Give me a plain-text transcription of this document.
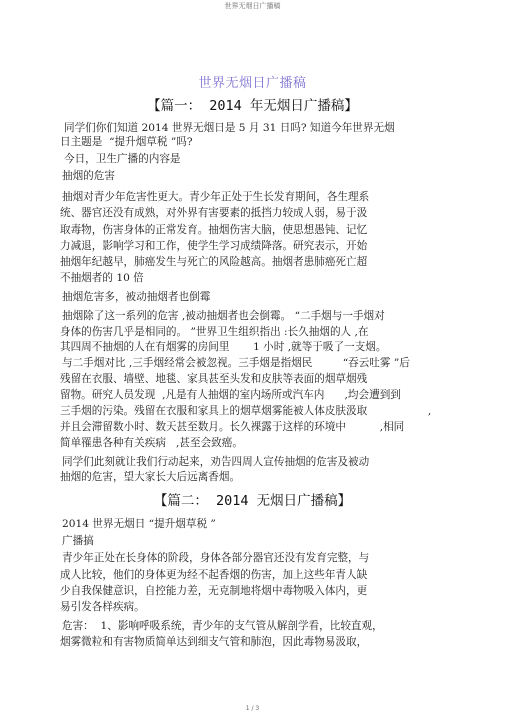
世界无烟日广播稿
世界无烟日广播稿
【篇一： 2014 年无烟日广播稿】
同学们你们知道 2014 世界无烟日是 5 月 31 日吗? 知道今年世界无烟
日主题是  “提升烟草税 ”吗?
今日，卫生广播的内容是
抽烟的危害
抽烟对青少年危害性更大。青少年正处于生长发育期间，各生理系
统、器官还没有成熟，对外界有害要素的抵挡力较成人弱，易于汲
取毒物，伤害身体的正常发育。抽烟伤害大脑，使思想愚钝、记忆
力减退，影响学习和工作，使学生学习成绩降落。研究表示，开始
抽烟年纪越早，肺癌发生与死亡的风险越高。抽烟者患肺癌死亡超
不抽烟者的 10 倍
抽烟危害多，被动抽烟者也倒霉
抽烟除了这一系列的危害 ,被动抽烟者也会倒霉。 “二手烟与一手烟对
身体的伤害几乎是相同的。 ”世界卫生组织指出 :长久抽烟的人 ,在
其四周不抽烟的人在有烟雾的房间里       1 小时 ,就等于吸了一支烟。
与二手烟对比 ,三手烟经常会被忽视。三手烟是指烟民         “吞云吐雾 ”后
残留在衣服、墙壁、地毯、家具甚至头发和皮肤等表面的烟草烟残
留物。研究人员发现  ,凡是有人抽烟的室内场所或汽车内      ,均会遭到到
三手烟的污染。残留在衣服和家具上的烟草烟雾能被人体皮肤汲取                  ,
并且会滞留数小时、数天甚至数月。长久裸露于这样的环境中          ,相同
简单罹患各种有关疾病   ,甚至会致癌。
同学们此刻就让我们行动起来，劝告四周人宣传抽烟的危害及被动
抽烟的危害，望大家长大后远离香烟。
【篇二： 2014 无烟日广播稿】
2014 世界无烟日 “提升烟草税 ”
广播搞
青少年正处在长身体的阶段，身体各部分器官还没有发育完整，与
成人比较，他们的身体更为经不起香烟的伤害，加上这些年青人缺
少自我保健意识，自控能力差，无克制地将烟中毒物吸入体内，更
易引发各样疾病。
危害：  1、影响呼吸系统，青少年的支气管从解剖学看，比较直观，
烟雾微粒和有害物质简单达到细支气管和肺泡，因此毒物易汲取，
1 / 3
